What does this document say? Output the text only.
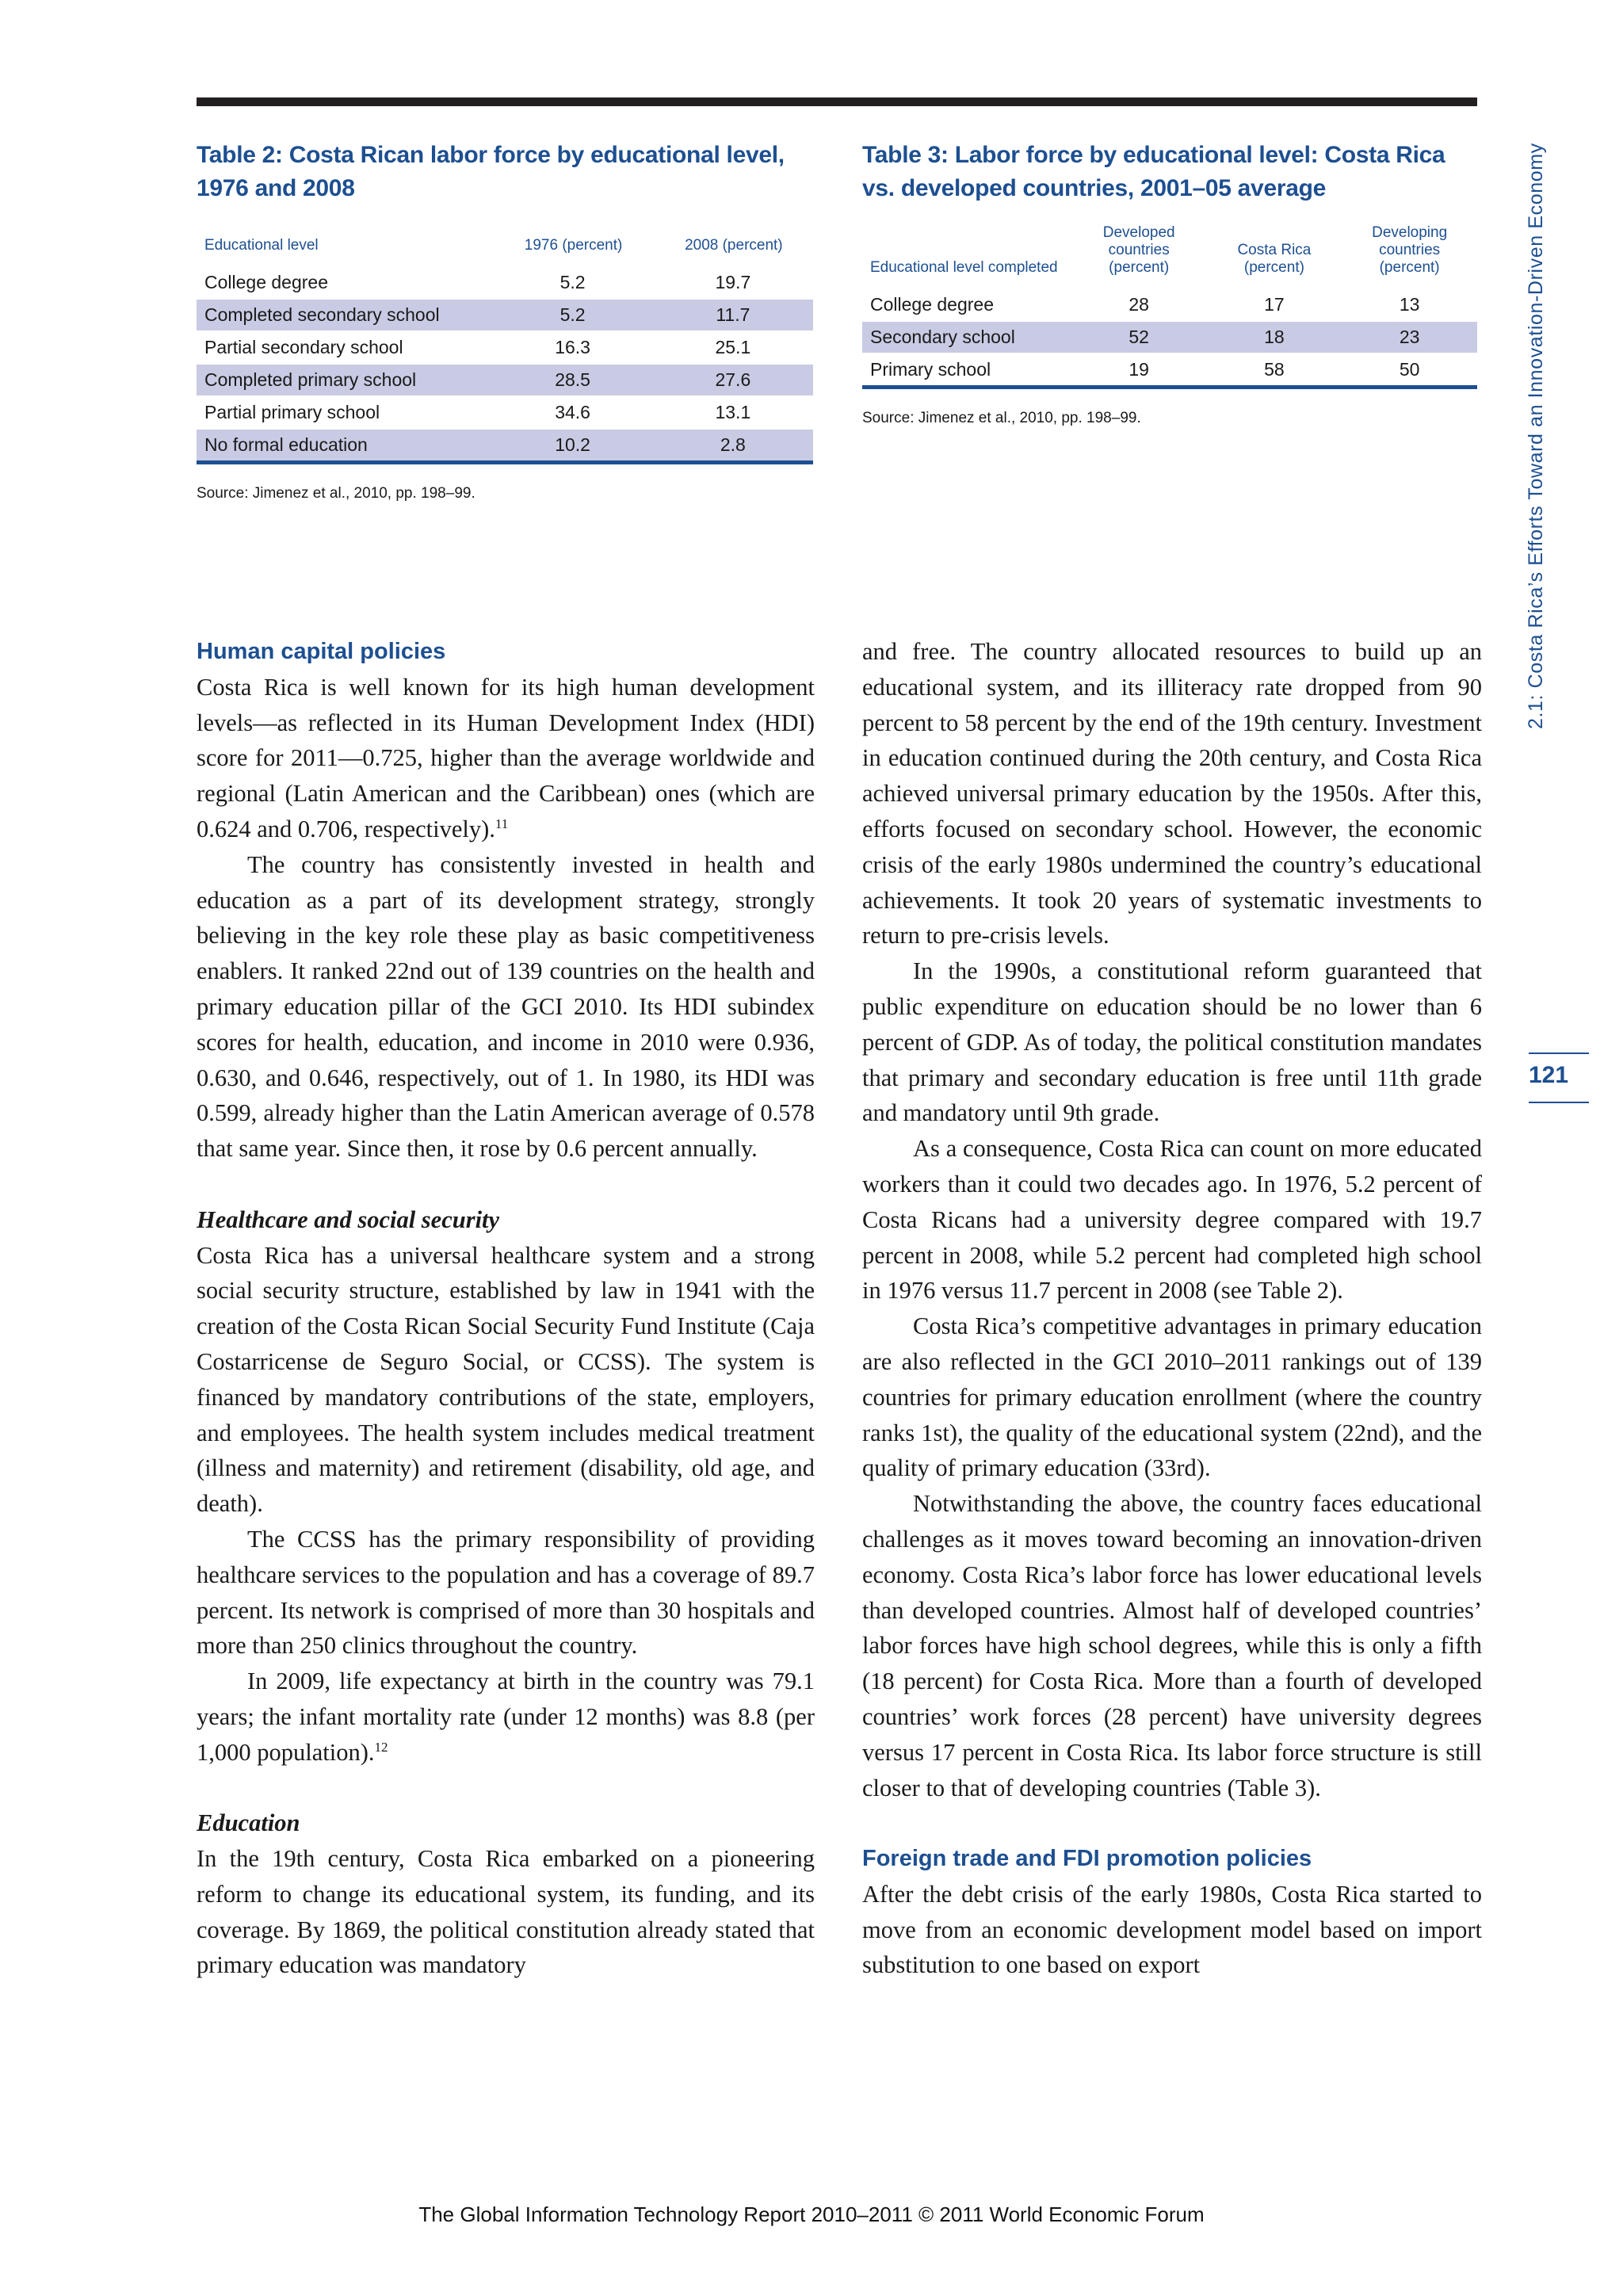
Table 2: Costa Rican labor force by educational level, 1976 and 2008
Educational level	1976 (percent)	2008 (percent)
College degree	5.2	19.7
Completed secondary school	5.2	11.7
Partial secondary school	16.3	25.1
Completed primary school	28.5	27.6
Partial primary school	34.6	13.1
No formal education	10.2	2.8
Source: Jimenez et al., 2010, pp. 198–99.
Table 3: Labor force by educational level: Costa Rica vs. developed countries, 2001–05 average
Educational level completed	Developed countries (percent)	Costa Rica (percent)	Developing countries (percent)
College degree	28	17	13
Secondary school	52	18	23
Primary school	19	58	50
Source: Jimenez et al., 2010, pp. 198–99.
Human capital policies

Costa Rica is well known for its high human development levels—as reflected in its Human Development Index (HDI) score for 2011—0.725, higher than the average worldwide and regional (Latin American and the Caribbean) ones (which are 0.624 and 0.706, respectively).$^{11}$

The country has consistently invested in health and education as a part of its development strategy, strongly believing in the key role these play as basic competitiveness enablers. It ranked 22nd out of 139 countries on the health and primary education pillar of the GCI 2010. Its HDI subindex scores for health, education, and income in 2010 were 0.936, 0.630, and 0.646, respectively, out of 1. In 1980, its HDI was 0.599, already higher than the Latin American average of 0.578 that same year. Since then, it rose by 0.6 percent annually.

Healthcare and social security

Costa Rica has a universal healthcare system and a strong social security structure, established by law in 1941 with the creation of the Costa Rican Social Security Fund Institute (Caja Costarricense de Seguro Social, or CCSS). The system is financed by mandatory contributions of the state, employers, and employees. The health system includes medical treatment (illness and maternity) and retirement (disability, old age, and death).

The CCSS has the primary responsibility of providing healthcare services to the population and has a coverage of 89.7 percent. Its network is comprised of more than 30 hospitals and more than 250 clinics throughout the country.

In 2009, life expectancy at birth in the country was 79.1 years; the infant mortality rate (under 12 months) was 8.8 (per 1,000 population).$^{12}$

Education

In the 19th century, Costa Rica embarked on a pioneering reform to change its educational system, its funding, and its coverage. By 1869, the political constitution already stated that primary education was mandatory

and free. The country allocated resources to build up an educational system, and its illiteracy rate dropped from 90 percent to 58 percent by the end of the 19th century. Investment in education continued during the 20th century, and Costa Rica achieved universal primary education by the 1950s. After this, efforts focused on secondary school. However, the economic crisis of the early 1980s undermined the country’s educational achievements. It took 20 years of systematic investments to return to pre-crisis levels.

In the 1990s, a constitutional reform guaranteed that public expenditure on education should be no lower than 6 percent of GDP. As of today, the political constitution mandates that primary and secondary education is free until 11th grade and mandatory until 9th grade.

As a consequence, Costa Rica can count on more educated workers than it could two decades ago. In 1976, 5.2 percent of Costa Ricans had a university degree compared with 19.7 percent in 2008, while 5.2 percent had completed high school in 1976 versus 11.7 percent in 2008 (see Table 2).

Costa Rica’s competitive advantages in primary education are also reflected in the GCI 2010–2011 rankings out of 139 countries for primary education enrollment (where the country ranks 1st), the quality of the educational system (22nd), and the quality of primary education (33rd).

Notwithstanding the above, the country faces educational challenges as it moves toward becoming an innovation-driven economy. Costa Rica’s labor force has lower educational levels than developed countries. Almost half of developed countries’ labor forces have high school degrees, while this is only a fifth (18 percent) for Costa Rica. More than a fourth of developed countries’ work forces (28 percent) have university degrees versus 17 percent in Costa Rica. Its labor force structure is still closer to that of developing countries (Table 3).

Foreign trade and FDI promotion policies

After the debt crisis of the early 1980s, Costa Rica started to move from an economic development model based on import substitution to one based on export

2.1: Costa Rica’s Efforts Toward an Innovation-Driven Economy
121
The Global Information Technology Report 2010–2011 © 2011 World Economic Forum
